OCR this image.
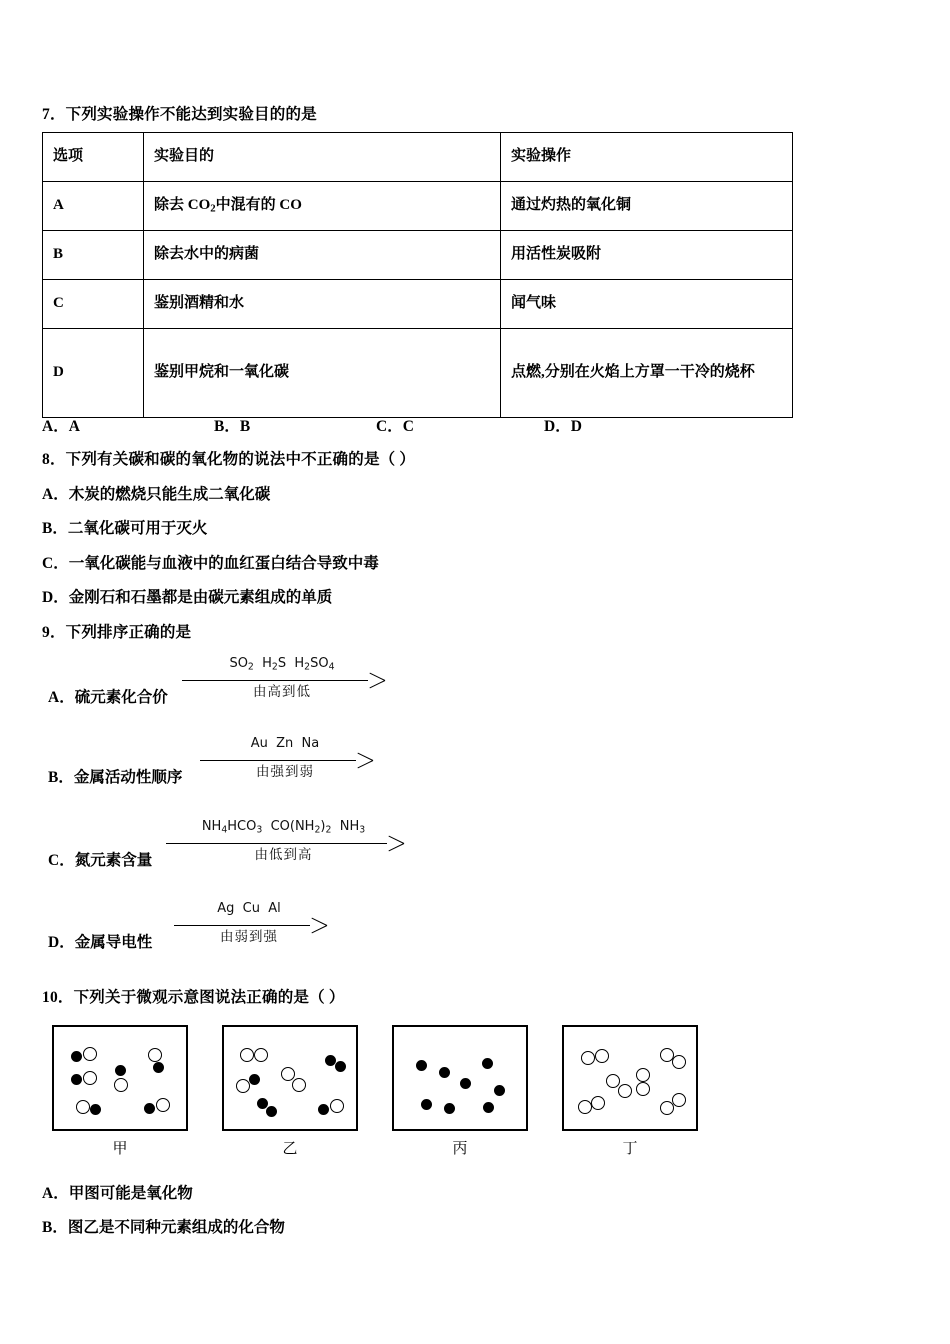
7．下列实验操作不能达到实验目的的是
选项	实验目的	实验操作
A	除去 $CO_2$中混有的 CO	通过灼热的氧化铜
B	除去水中的病菌	用活性炭吸附
C	鉴别酒精和水	闻气味
D	鉴别甲烷和一氧化碳	点燃,分别在火焰上方罩一干冷的烧杯
A．A	B．B	C．C	D．D
8．下列有关碳和碳的氧化物的说法中不正确的是（ ）
A．木炭的燃烧只能生成二氧化碳
B．二氧化碳可用于灭火
C．一氧化碳能与血液中的血红蛋白结合导致中毒
D．金刚石和石墨都是由碳元素组成的单质
9．下列排序正确的是
A．硫元素化合价
$SO_2$  $H_2S$  $H_2SO_4$
由高到低
B．金属活动性顺序
Au  Zn  Na
由强到弱
C．氮元素含量
$NH_4HCO_3$  $CO(NH_2)_2$  $NH_3$
由低到高
D．金属导电性
Ag  Cu  Al
由弱到强
10．下列关于微观示意图说法正确的是（ ）
甲	乙	丙	丁
A．甲图可能是氧化物
B．图乙是不同种元素组成的化合物
